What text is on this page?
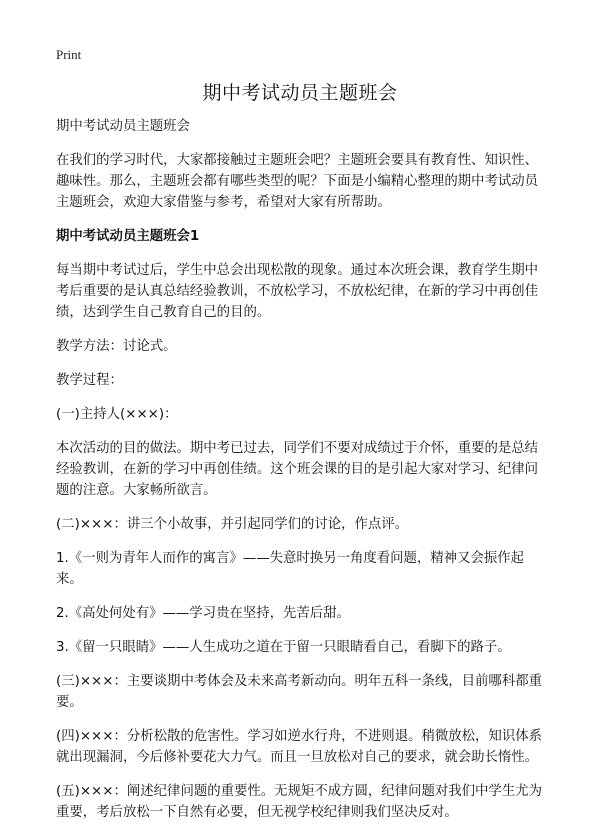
Print
期中考试动员主题班会

期中考试动员主题班会

在我们的学习时代，大家都接触过主题班会吧？主题班会要具有教育性、知识性、趣味性。那么，主题班会都有哪些类型的呢？下面是小编精心整理的期中考试动员主题班会，欢迎大家借鉴与参考，希望对大家有所帮助。

期中考试动员主题班会1

每当期中考试过后，学生中总会出现松散的现象。通过本次班会课，教育学生期中考后重要的是认真总结经验教训，不放松学习，不放松纪律，在新的学习中再创佳绩，达到学生自己教育自己的目的。

教学方法：讨论式。

教学过程：

(一)主持人(×××)：

本次活动的目的做法。期中考已过去，同学们不要对成绩过于介怀，重要的是总结经验教训，在新的学习中再创佳绩。这个班会课的目的是引起大家对学习、纪律问题的注意。大家畅所欲言。

(二)×××：讲三个小故事，并引起同学们的讨论，作点评。

1.《一则为青年人而作的寓言》——失意时换另一角度看问题，精神又会振作起来。

2.《高处何处有》——学习贵在坚持，先苦后甜。

3.《留一只眼睛》——人生成功之道在于留一只眼睛看自己，看脚下的路子。

(三)×××：主要谈期中考体会及未来高考新动向。明年五科一条线，目前哪科都重要。

(四)×××：分析松散的危害性。学习如逆水行舟，不进则退。稍微放松，知识体系就出现漏洞，今后修补要花大力气。而且一旦放松对自己的要求，就会助长惰性。

(五)×××：阐述纪律问题的重要性。无规矩不成方圆，纪律问题对我们中学生尤为重要，考后放松一下自然有必要，但无视学校纪律则我们坚决反对。
